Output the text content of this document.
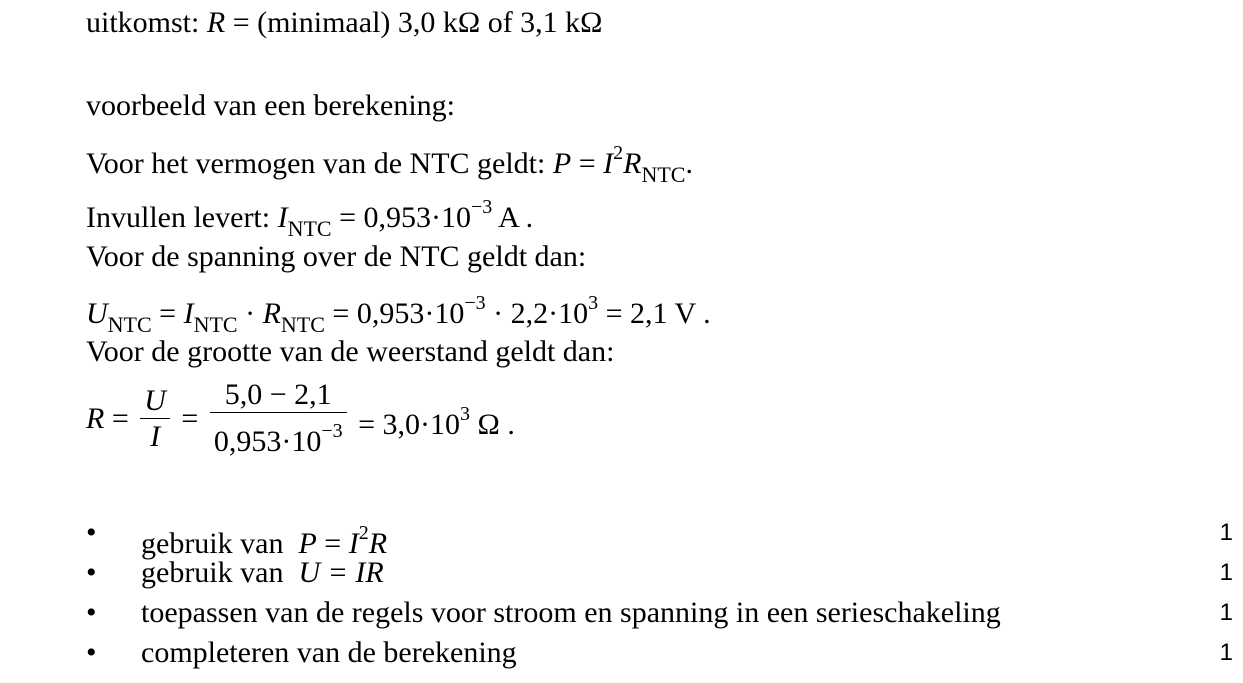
uitkomst: R = (minimaal) 3,0 kΩ of 3,1 kΩ
voorbeeld van een berekening:
Voor het vermogen van de NTC geldt: $P = I^2R_{NTC}$.
Invullen levert: $I_{NTC} = 0,953\cdot 10^{-3}$ A .
Voor de spanning over de NTC geldt dan:
$U_{NTC} = I_{NTC} \cdot R_{NTC} = 0,953\cdot 10^{-3} \cdot 2,2\cdot 10^3 = 2,1$ V .
Voor de grootte van de weerstand geldt dan:
$R = \frac{U}{I} = \frac{5,0 - 2,1}{0,953\cdot 10^{-3}} = 3,0\cdot 10^3$ Ω .
• gebruik van $P = I^2R$	1
• gebruik van U = IR	1
• toepassen van de regels voor stroom en spanning in een serieschakeling	1
• completeren van de berekening	1
